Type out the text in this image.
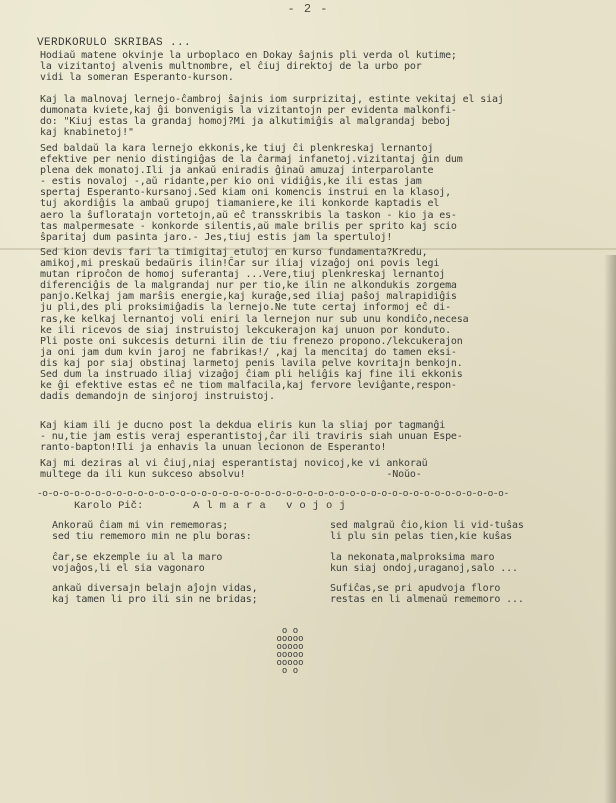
- 2 -
VERDKORULO SKRIBAS ...
Hodiaŭ matene okvinje la urboplaco en Dokay ŝajnis pli verda ol kutime;
la vizitantoj alvenis multnombre, el ĉiuj direktoj de la urbo por
vidi la someran Esperanto-kurson.
Kaj la malnovaj lernejo-ĉambroj ŝajnis iom surprizitaj, estinte vekitaj el siaj
dumonata kviete,kaj ĝi bonvenigis la vizitantojn per evidenta malkonfi-
do: "Kiuj estas la grandaj homoj?Mi ja alkutimiĝis al malgrandaj beboj
kaj knabinetoj!"
Sed baldaŭ la kara lernejo ekkonis,ke tiuj ĉi plenkreskaj lernantoj
efektive per nenio distingiĝas de la ĉarmaj infanetoj.vizitantaj ĝin dum
plena dek monatoj.Ili ja ankaŭ eniradis ĝinaŭ amuzaj interparolante
- estis novaloj -,aŭ ridante,per kio oni vidiĝis,ke ili estas jam
spertaj Esperanto-kursanoj.Sed kiam oni komencis instrui en la klasoj,
tuj akordiĝis la ambaŭ grupoj tiamaniere,ke ili konkorde kaptadis el
aero la ŝufloratajn vortetojn,aŭ eĉ transskribis la taskon - kio ja es-
tas malpermesate - konkorde silentis,aŭ male brilis per sprito kaj scio
ŝparitaj dum pasinta jaro.- Jes,tiuj estis jam la spertuloj!
Sed kion devis fari la timigitaj etuloj en kurso fundamenta?Kredu,
amikoj,mi preskaŭ bedaŭris ilin!Ĉar sur iliaj vizaĝoj oni povis legi
mutan riproĉon de homoj suferantaj ...Vere,tiuj plenkreskaj lernantoj
diferenciĝis de la malgrandaj nur per tio,ke ilin ne alkondukis zorgema
panjo.Kelkaj jam marŝis energie,kaj kuraĝe,sed iliaj paŝoj malrapidiĝis
ju pli,des pli proksimiĝadis la lernejo.Ne tute certaj informoj eĉ di-
ras,ke kelkaj lernantoj voli eniri la lernejon nur sub unu kondiĉo,necesa
ke ili ricevos de siaj instruistoj lekcukerajon kaj unuon por konduto.
Pli poste oni sukcesis deturni ilin de tiu frenezo propono./lekcukerajon
ja oni jam dum kvin jaroj ne fabrikas!/ ,kaj la mencitaj do tamen eksi-
dis kaj por siaj obstinaj larmetoj penis lavila pelve kovritajn benkojn.
Sed dum la instruado iliaj vizaĝoj ĉiam pli heliĝis kaj fine ili ekkonis
ke ĝi efektive estas eĉ ne tiom malfacila,kaj fervore leviĝante,respon-
dadis demandojn de sinjoroj instruistoj.
Kaj kiam ili je ducno post la dekdua eliris kun la sliaj por tagmanĝi
- nu,tie jam estis veraj esperantistoj,ĉar ili traviris siah unuan Espe-
ranto-bapton!Ili ja enhavis la unuan lecionon de Esperanto!
Kaj mi deziras al vi ĉiuj,niaj esperantistaj novicoj,ke vi ankoraŭ
multege da ili kun sukceso absolvu!                        -Noŭo-
-o-o-o-o-o-o-o-o-o-o-o-o-o-o-o-o-o-o-o-o-o-o-o-o-o-o-o-o-o-o-o-o-o-o-o-o-o-o-o-o-o-o-o-o-
Karolo Pič:	Almara vojoj
Ankoraŭ ĉiam mi vin rememoras;
sed tiu rememoro min ne plu boras:
ĉar,se ekzemple iu al la maro
vojaĝos,li el sia vagonaro
ankaŭ diversajn belajn aĵojn vidas,
kaj tamen li pro ili sin ne bridas;
sed malgraŭ ĉio,kion li vid-tuŝas
li plu sin pelas tien,kie kuŝas
la nekonata,malproksima maro
kun siaj ondoj,uraganoj,salo ...
Sufiĉas,se pri apudvoja floro
restas en li almenaŭ rememoro ...
o o
ooooo
ooooo
ooooo
ooooo
o o
